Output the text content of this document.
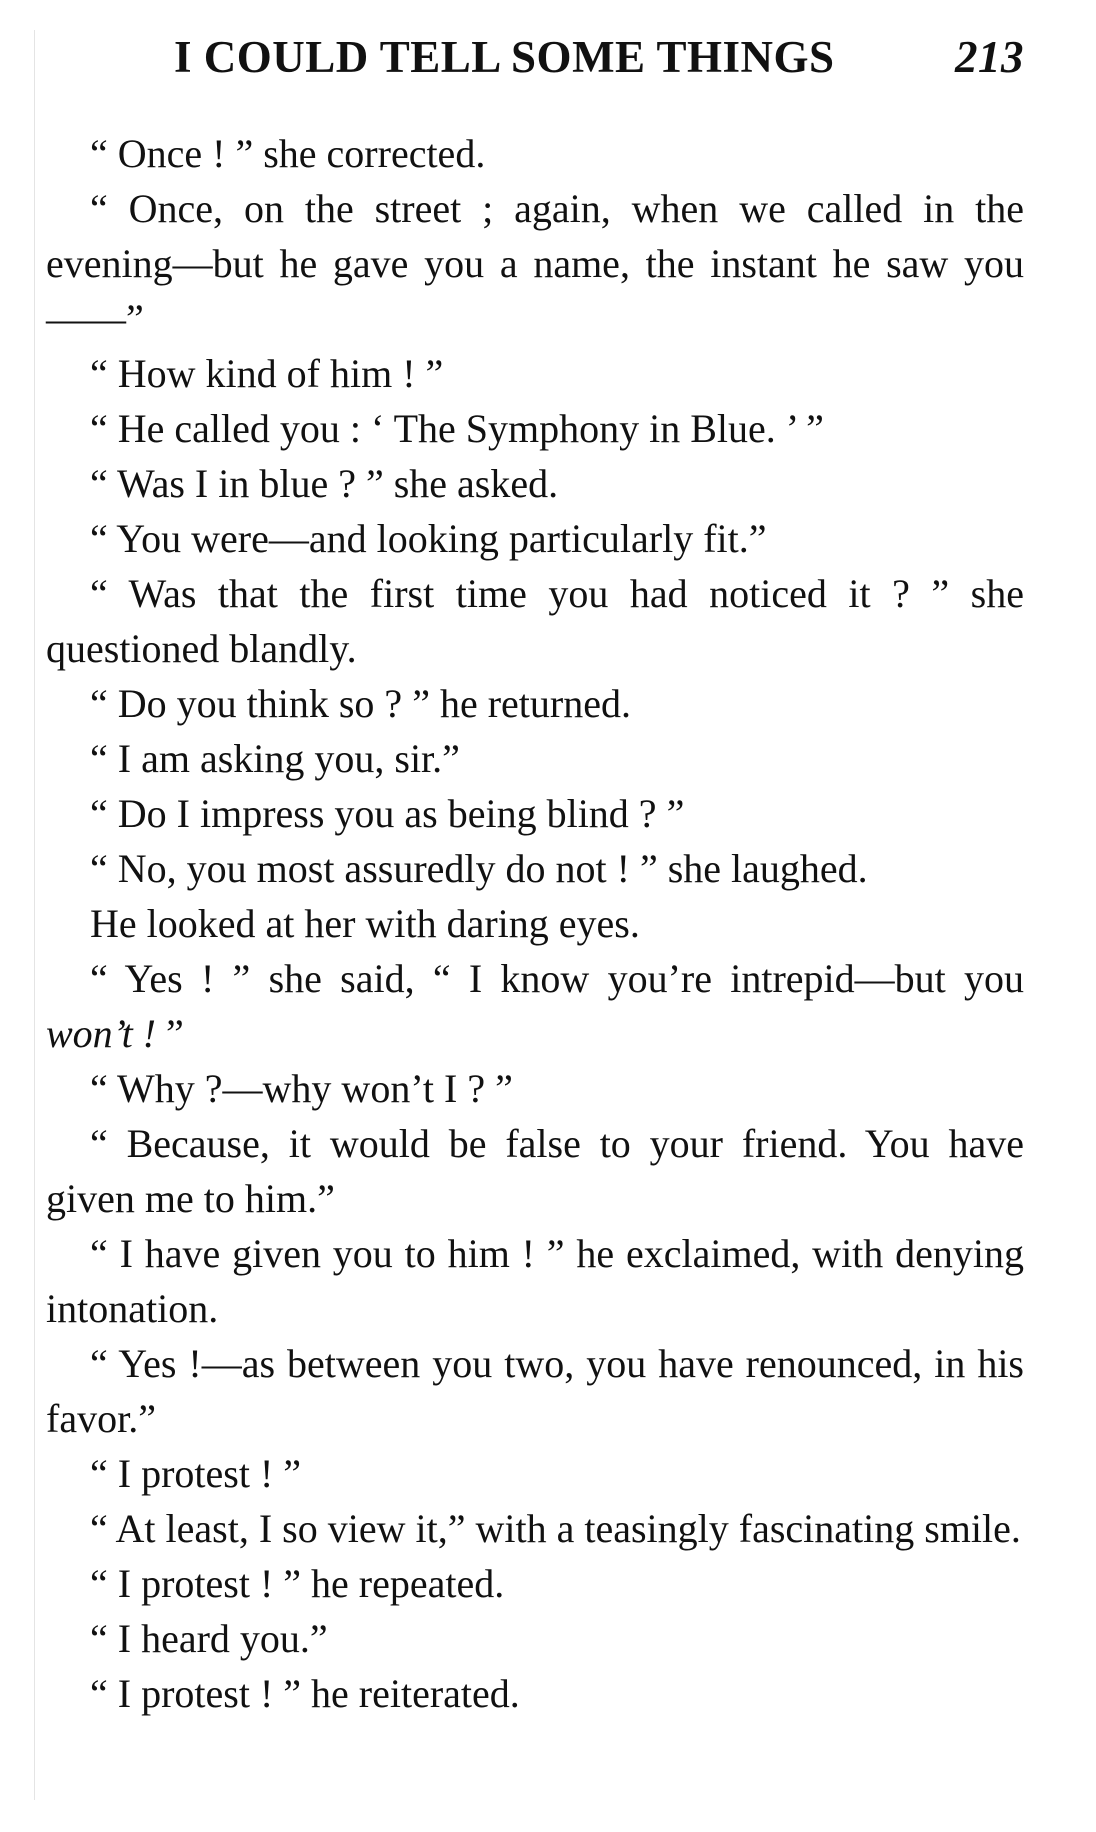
I COULD TELL SOME THINGS	213

“ Once ! ” she corrected.

“ Once, on the street ; again, when we called in the evening—but he gave you a name, the instant he saw you——”

“ How kind of him ! ”

“ He called you : ‘ The Symphony in Blue. ’ ”

“ Was I in blue ? ” she asked.

“ You were—and looking particularly fit.”

“ Was that the first time you had noticed it ? ” she questioned blandly.

“ Do you think so ? ” he returned.

“ I am asking you, sir.”

“ Do I impress you as being blind ? ”

“ No, you most assuredly do not ! ” she laughed.

He looked at her with daring eyes.

“ Yes ! ” she said, “ I know you’re intrepid—but you won’t ! ”

“ Why ?—why won’t I ? ”

“ Because, it would be false to your friend. You have given me to him.”

“ I have given you to him ! ” he exclaimed, with denying intonation.

“ Yes !—as between you two, you have renounced, in his favor.”

“ I protest ! ”

“ At least, I so view it,” with a teasingly fascinating smile.

“ I protest ! ” he repeated.

“ I heard you.”

“ I protest ! ” he reiterated.
